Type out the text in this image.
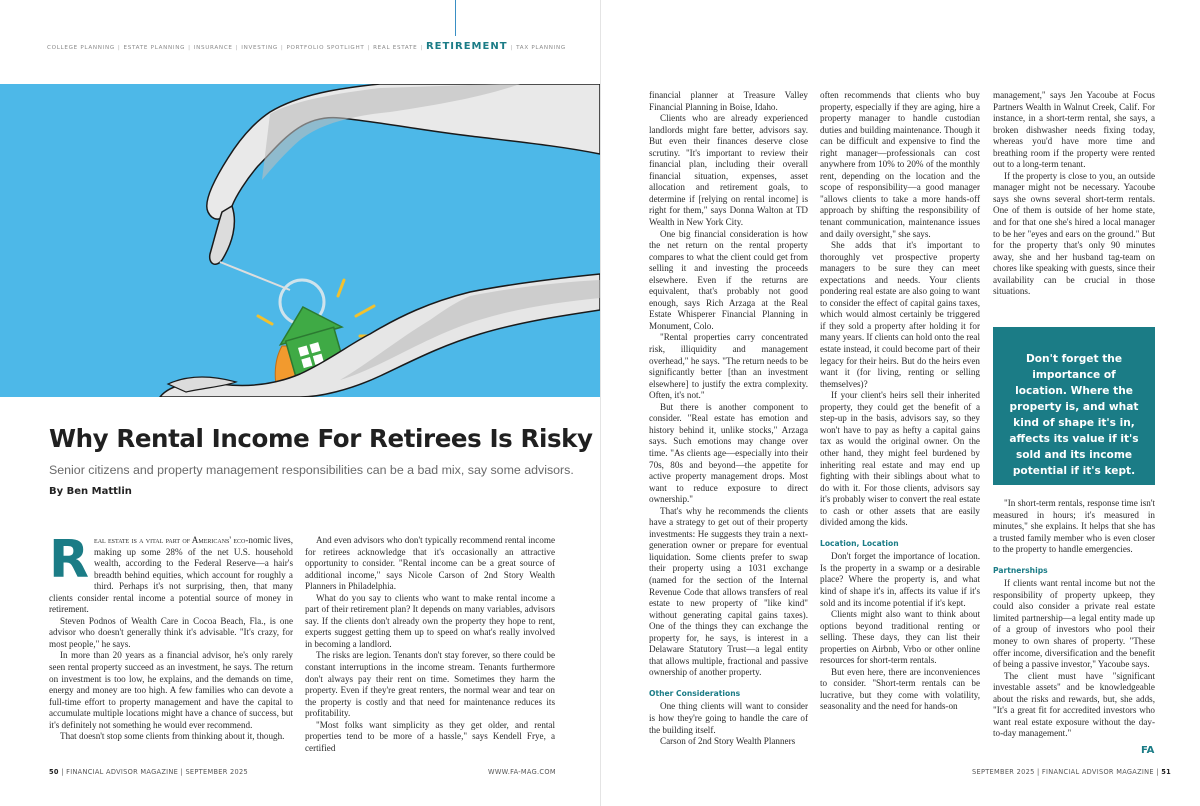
COLLEGE PLANNING | ESTATE PLANNING | INSURANCE | INVESTING | PORTFOLIO SPOTLIGHT | REAL ESTATE | RETIREMENT | TAX PLANNING
Why Rental Income For Retirees Is Risky

Senior citizens and property management responsibilities can be a bad mix, say some advisors.

By Ben Mattlin

Real estate is a vital part of Americans' eco-nomic lives, making up some 28% of the net U.S. household wealth, according to the Federal Reserve—a hair's breadth behind equities, which account for roughly a third. Perhaps it's not surprising, then, that many clients consider rental income a potential source of money in retirement.

Steven Podnos of Wealth Care in Cocoa Beach, Fla., is one advisor who doesn't generally think it's advisable. "It's crazy, for most people," he says.

In more than 20 years as a financial advisor, he's only rarely seen rental property succeed as an investment, he says. The return on investment is too low, he explains, and the demands on time, energy and money are too high. A few families who can devote a full-time effort to property management and have the capital to accumulate multiple locations might have a chance of success, but it's definitely not something he would ever recommend.

That doesn't stop some clients from thinking about it, though.

And even advisors who don't typically recommend rental income for retirees acknowledge that it's occasionally an attractive opportunity to consider. "Rental income can be a great source of additional income," says Nicole Carson of 2nd Story Wealth Planners in Philadelphia.

What do you say to clients who want to make rental income a part of their retirement plan? It depends on many variables, advisors say. If the clients don't already own the property they hope to rent, experts suggest getting them up to speed on what's really involved in becoming a landlord.

The risks are legion. Tenants don't stay forever, so there could be constant interruptions in the income stream. Tenants furthermore don't always pay their rent on time. Sometimes they harm the property. Even if they're great renters, the normal wear and tear on the property is costly and that need for maintenance reduces its profitability.

"Most folks want simplicity as they get older, and rental properties tend to be more of a hassle," says Kendell Frye, a certified

financial planner at Treasure Valley Financial Planning in Boise, Idaho.

Clients who are already experienced landlords might fare better, advisors say. But even their finances deserve close scrutiny. "It's important to review their financial plan, including their overall financial situation, expenses, asset allocation and retirement goals, to determine if [relying on rental income] is right for them," says Donna Walton at TD Wealth in New York City.

One big financial consideration is how the net return on the rental property compares to what the client could get from selling it and investing the proceeds elsewhere. Even if the returns are equivalent, that's probably not good enough, says Rich Arzaga at the Real Estate Whisperer Financial Planning in Monument, Colo.

"Rental properties carry concentrated risk, illiquidity and management overhead," he says. "The return needs to be significantly better [than an investment elsewhere] to justify the extra complexity. Often, it's not."

But there is another component to consider. "Real estate has emotion and history behind it, unlike stocks," Arzaga says. Such emotions may change over time. "As clients age—especially into their 70s, 80s and beyond—the appetite for active property management drops. Most want to reduce exposure to direct ownership."

That's why he recommends the clients have a strategy to get out of their property investments: He suggests they train a next-generation owner or prepare for eventual liquidation. Some clients prefer to swap their property using a 1031 exchange (named for the section of the Internal Revenue Code that allows transfers of real estate to new property of "like kind" without generating capital gains taxes). One of the things they can exchange the property for, he says, is interest in a Delaware Statutory Trust—a legal entity that allows multiple, fractional and passive ownership of another property.

Other Considerations

One thing clients will want to consider is how they're going to handle the care of the building itself.

Carson of 2nd Story Wealth Planners

often recommends that clients who buy property, especially if they are aging, hire a property manager to handle custodian duties and building maintenance. Though it can be difficult and expensive to find the right manager—professionals can cost anywhere from 10% to 20% of the monthly rent, depending on the location and the scope of responsibility—a good manager "allows clients to take a more hands-off approach by shifting the responsibility of tenant communication, maintenance issues and daily oversight," she says.

She adds that it's important to thoroughly vet prospective property managers to be sure they can meet expectations and needs. Your clients pondering real estate are also going to want to consider the effect of capital gains taxes, which would almost certainly be triggered if they sold a property after holding it for many years. If clients can hold onto the real estate instead, it could become part of their legacy for their heirs. But do the heirs even want it (for living, renting or selling themselves)?

If your client's heirs sell their inherited property, they could get the benefit of a step-up in the basis, advisors say, so they won't have to pay as hefty a capital gains tax as would the original owner. On the other hand, they might feel burdened by inheriting real estate and may end up fighting with their siblings about what to do with it. For those clients, advisors say it's probably wiser to convert the real estate to cash or other assets that are easily divided among the kids.

Location, Location

Don't forget the importance of location. Is the property in a swamp or a desirable place? Where the property is, and what kind of shape it's in, affects its value if it's sold and its income potential if it's kept.

Clients might also want to think about options beyond traditional renting or selling. These days, they can list their properties on Airbnb, Vrbo or other online resources for short-term rentals.

But even here, there are inconveniences to consider. "Short-term rentals can be lucrative, but they come with volatility, seasonality and the need for hands-on

management," says Jen Yacoube at Focus Partners Wealth in Walnut Creek, Calif. For instance, in a short-term rental, she says, a broken dishwasher needs fixing today, whereas you'd have more time and breathing room if the property were rented out to a long-term tenant.

If the property is close to you, an outside manager might not be necessary. Yacoube says she owns several short-term rentals. One of them is outside of her home state, and for that one she's hired a local manager to be her "eyes and ears on the ground." But for the property that's only 90 minutes away, she and her husband tag-team on chores like speaking with guests, since their availability can be crucial in those situations.

Don't forget the importance of location. Where the property is, and what kind of shape it's in, affects its value if it's sold and its income potential if it's kept.

"In short-term rentals, response time isn't measured in hours; it's measured in minutes," she explains. It helps that she has a trusted family member who is even closer to the property to handle emergencies.

Partnerships

If clients want rental income but not the responsibility of property upkeep, they could also consider a private real estate limited partnership—a legal entity made up of a group of investors who pool their money to own shares of property. "These offer income, diversification and the benefit of being a passive investor," Yacoube says.

The client must have "significant investable assets" and be knowledgeable about the risks and rewards, but, she adds, "It's a great fit for accredited investors who want real estate exposure without the day-to-day management."

FA
50 | FINANCIAL ADVISOR MAGAZINE | SEPTEMBER 2025	WWW.FA-MAG.COM	SEPTEMBER 2025 | FINANCIAL ADVISOR MAGAZINE | 51
